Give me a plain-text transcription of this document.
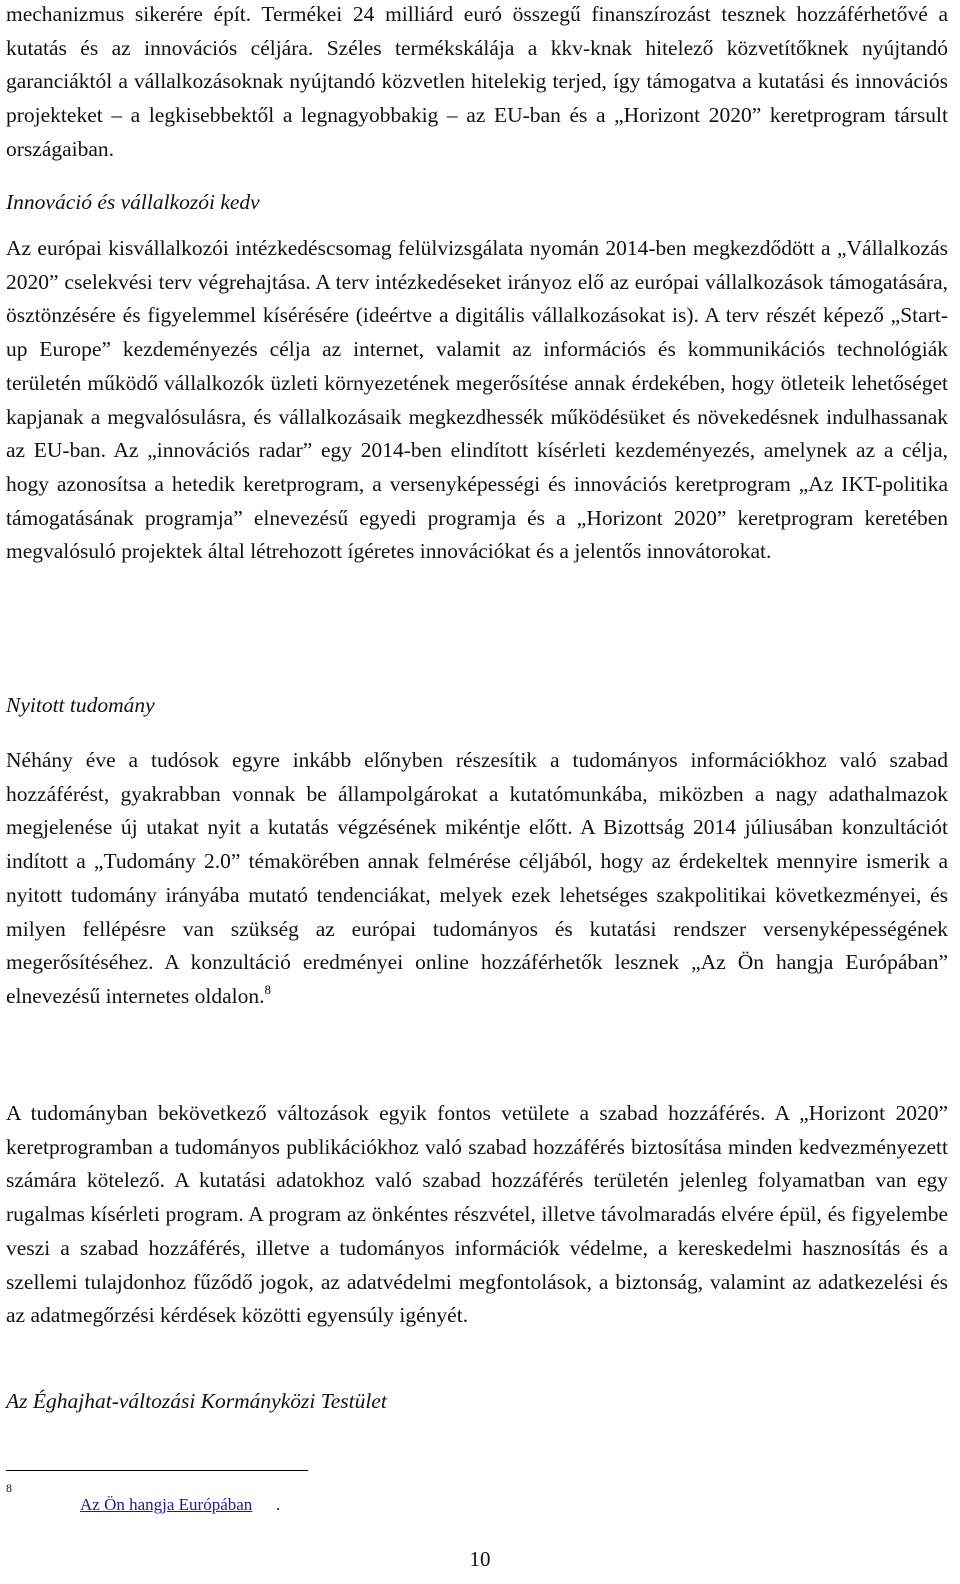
mechanizmus sikerére épít. Termékei 24 milliárd euró összegű finanszírozást tesznek hozzáférhetővé a kutatás és az innovációs céljára. Széles termékskálája a kkv-knak hitelező közvetítőknek nyújtandó garanciáktól a vállalkozásoknak nyújtandó közvetlen hitelekig terjed, így támogatva a kutatási és innovációs projekteket – a legkisebbektől a legnagyobbakig – az EU-ban és a „Horizont 2020” keretprogram társult országaiban.

Innováció és vállalkozói kedv

Az európai kisvállalkozói intézkedéscsomag felülvizsgálata nyomán 2014-ben megkezdődött a „Vállalkozás 2020” cselekvési terv végrehajtása. A terv intézkedéseket irányoz elő az európai vállalkozások támogatására, ösztönzésére és figyelemmel kísérésére (ideértve a digitális vállalkozásokat is). A terv részét képező „Start-up Europe” kezdeményezés célja az internet, valamit az információs és kommunikációs technológiák területén működő vállalkozók üzleti környezetének megerősítése annak érdekében, hogy ötleteik lehetőséget kapjanak a megvalósulásra, és vállalkozásaik megkezdhessék működésüket és növekedésnek indulhassanak az EU-ban. Az „innovációs radar” egy 2014-ben elindított kísérleti kezdeményezés, amelynek az a célja, hogy azonosítsa a hetedik keretprogram, a versenyképességi és innovációs keretprogram „Az IKT-politika támogatásának programja” elnevezésű egyedi programja és a „Horizont 2020” keretprogram keretében megvalósuló projektek által létrehozott ígéretes innovációkat és a jelentős innovátorokat.

Nyitott tudomány

Néhány éve a tudósok egyre inkább előnyben részesítik a tudományos információkhoz való szabad hozzáférést, gyakrabban vonnak be állampolgárokat a kutatómunkába, miközben a nagy adathalmazok megjelenése új utakat nyit a kutatás végzésének mikéntje előtt. A Bizottság 2014 júliusában konzultációt indított a „Tudomány 2.0” témakörében annak felmérése céljából, hogy az érdekeltek mennyire ismerik a nyitott tudomány irányába mutató tendenciákat, melyek ezek lehetséges szakpolitikai következményei, és milyen fellépésre van szükség az európai tudományos és kutatási rendszer versenyképességének megerősítéséhez. A konzultáció eredményei online hozzáférhetők lesznek „Az Ön hangja Európában” elnevezésű internetes oldalon.$^8$

A tudományban bekövetkező változások egyik fontos vetülete a szabad hozzáférés. A „Horizont 2020” keretprogramban a tudományos publikációkhoz való szabad hozzáférés biztosítása minden kedvezményezett számára kötelező. A kutatási adatokhoz való szabad hozzáférés területén jelenleg folyamatban van egy rugalmas kísérleti program. A program az önkéntes részvétel, illetve távolmaradás elvére épül, és figyelembe veszi a szabad hozzáférés, illetve a tudományos információk védelme, a kereskedelmi hasznosítás és a szellemi tulajdonhoz fűződő jogok, az adatvédelmi megfontolások, a biztonság, valamint az adatkezelési és az adatmegőrzési kérdések közötti egyensúly igényét.

Az Éghajhat-változási Kormányközi Testület

8
Az Ön hangja Európában .
10
